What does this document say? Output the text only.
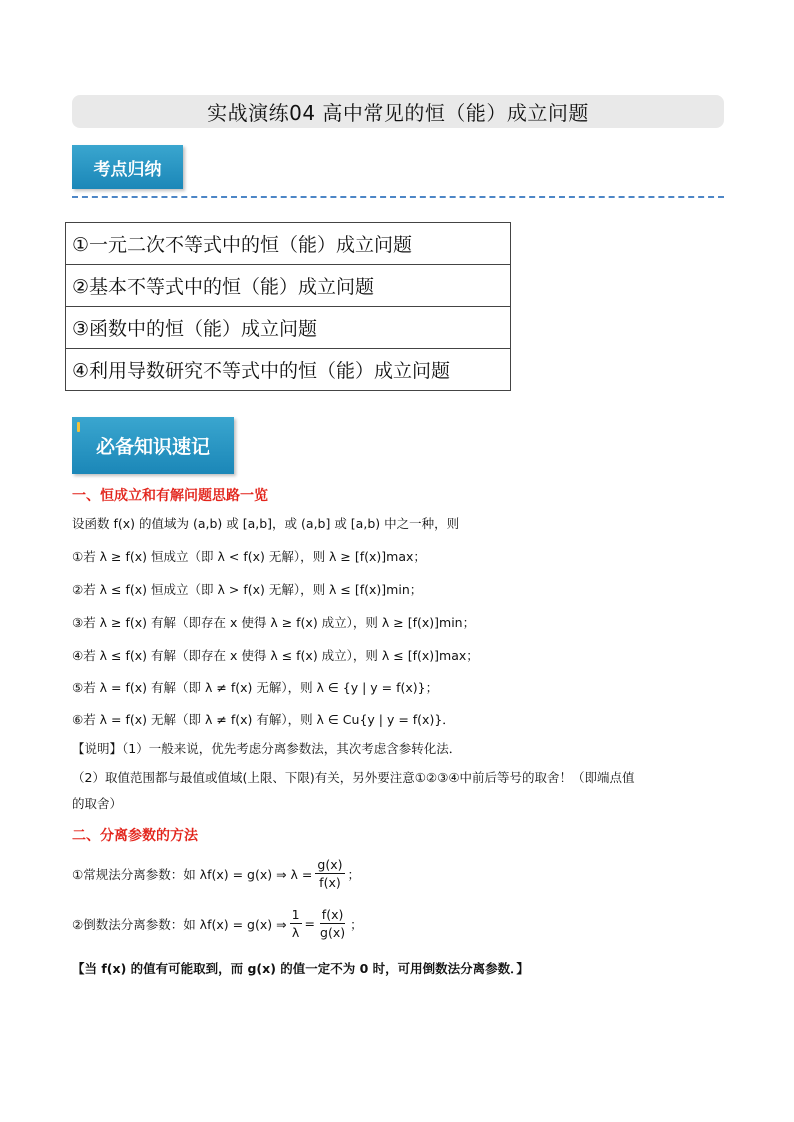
实战演练04 高中常见的恒（能）成立问题
考点归纳
①一元二次不等式中的恒（能）成立问题
②基本不等式中的恒（能）成立问题
③函数中的恒（能）成立问题
④利用导数研究不等式中的恒（能）成立问题
必备知识速记
一、恒成立和有解问题思路一览
设函数 f(x) 的值域为 (a,b) 或 [a,b]，或 (a,b] 或 [a,b) 中之一种，则
①若 λ ≥ f(x) 恒成立（即 λ < f(x) 无解），则 λ ≥ [f(x)]max；
②若 λ ≤ f(x) 恒成立（即 λ > f(x) 无解），则 λ ≤ [f(x)]min；
③若 λ ≥ f(x) 有解（即存在 x 使得 λ ≥ f(x) 成立），则 λ ≥ [f(x)]min；
④若 λ ≤ f(x) 有解（即存在 x 使得 λ ≤ f(x) 成立），则 λ ≤ [f(x)]max；
⑤若 λ = f(x) 有解（即 λ ≠ f(x) 无解），则 λ ∈ {y | y = f(x)}；
⑥若 λ = f(x) 无解（即 λ ≠ f(x) 有解），则 λ ∈ Cu{y | y = f(x)}．
【说明】（1）一般来说，优先考虑分离参数法，其次考虑含参转化法．
（2）取值范围都与最值或值域(上限、下限)有关，另外要注意①②③④中前后等号的取舍！（即端点值
的取舍）
二、分离参数的方法
①常规法分离参数：如 λf(x) = g(x) ⇒ $\lambda = \frac{g(x)}{f(x)}$ ；
②倒数法分离参数：如 λf(x) = g(x) ⇒ $\frac{1}{\lambda} = \frac{f(x)}{g(x)}$ ；
【当 f(x) 的值有可能取到，而 g(x) 的值一定不为 0 时，可用倒数法分离参数．】
